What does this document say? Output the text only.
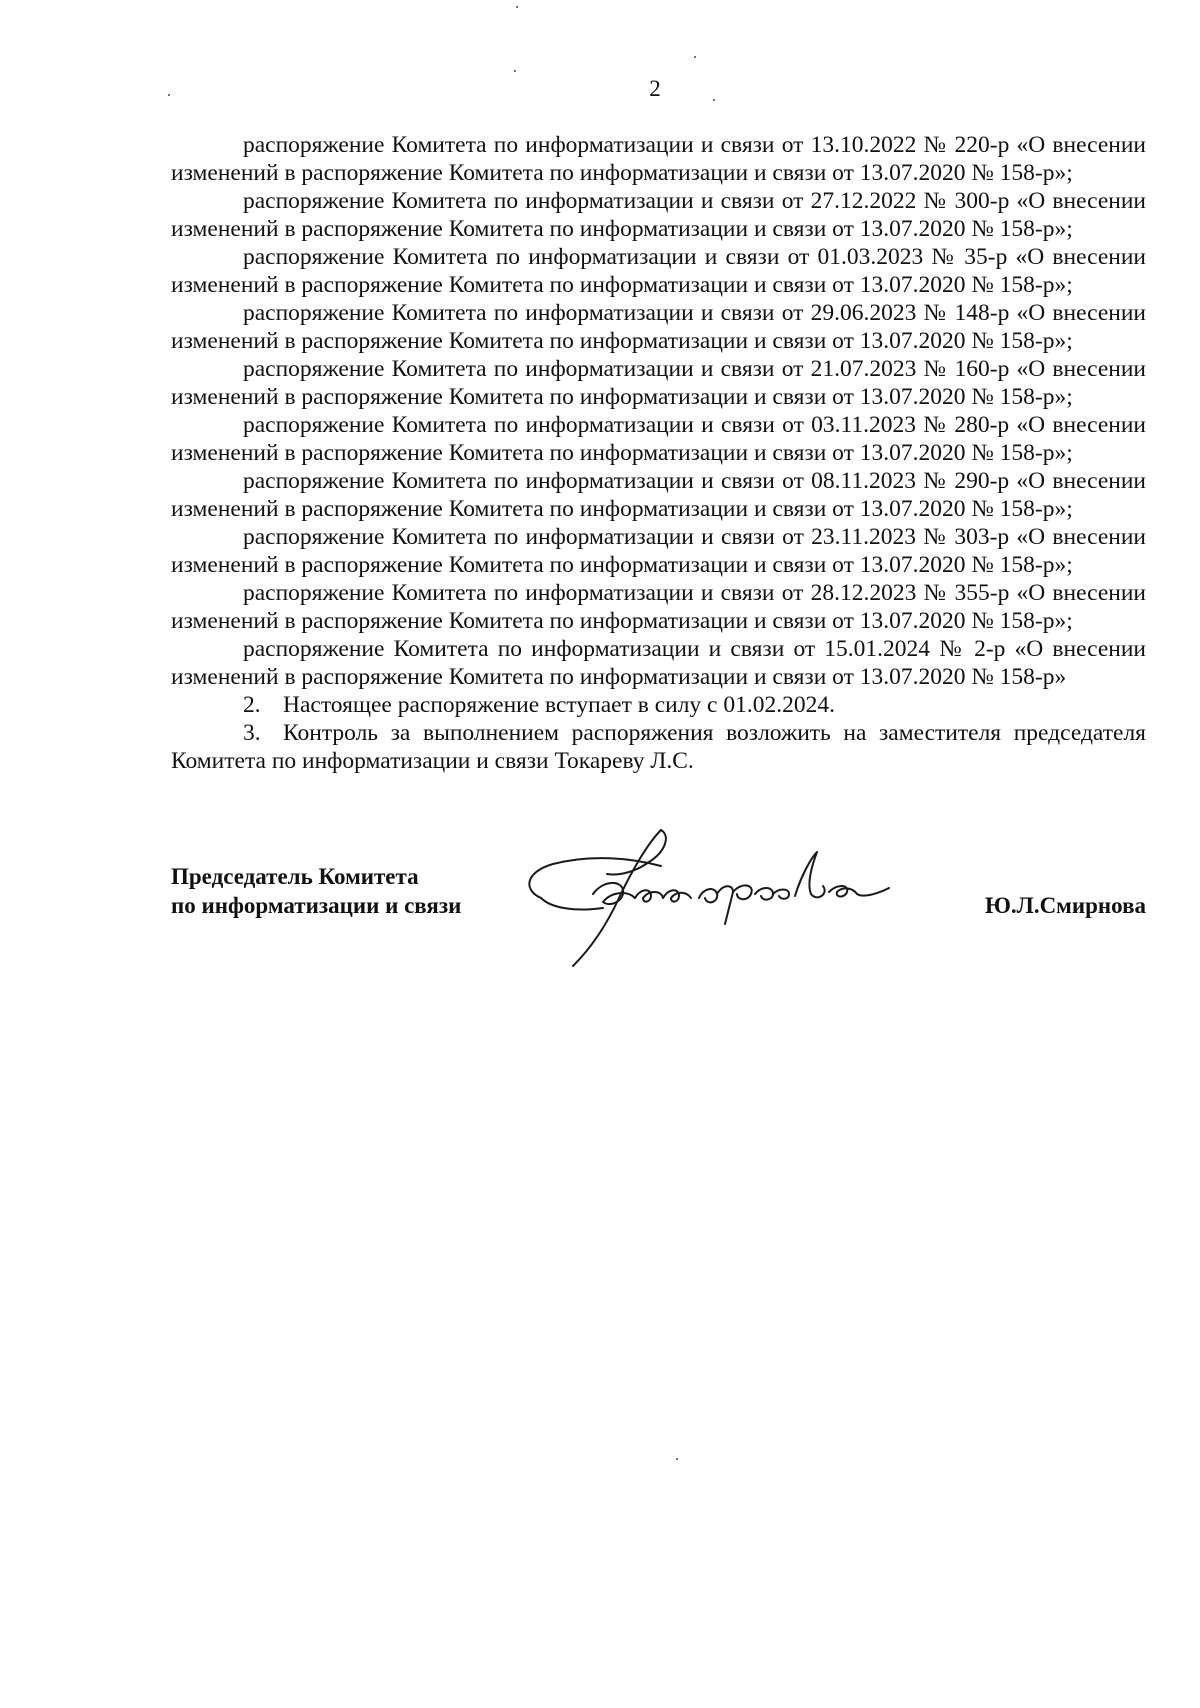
2

распоряжение Комитета по информатизации и связи от 13.10.2022 № 220-р «О внесении изменений в распоряжение Комитета по информатизации и связи от 13.07.2020 № 158-р»;

распоряжение Комитета по информатизации и связи от 27.12.2022 № 300-р «О внесении изменений в распоряжение Комитета по информатизации и связи от 13.07.2020 № 158-р»;

распоряжение Комитета по информатизации и связи от 01.03.2023 № 35-р «О внесении изменений в распоряжение Комитета по информатизации и связи от 13.07.2020 № 158-р»;

распоряжение Комитета по информатизации и связи от 29.06.2023 № 148-р «О внесении изменений в распоряжение Комитета по информатизации и связи от 13.07.2020 № 158-р»;

распоряжение Комитета по информатизации и связи от 21.07.2023 № 160-р «О внесении изменений в распоряжение Комитета по информатизации и связи от 13.07.2020 № 158-р»;

распоряжение Комитета по информатизации и связи от 03.11.2023 № 280-р «О внесении изменений в распоряжение Комитета по информатизации и связи от 13.07.2020 № 158-р»;

распоряжение Комитета по информатизации и связи от 08.11.2023 № 290-р «О внесении изменений в распоряжение Комитета по информатизации и связи от 13.07.2020 № 158-р»;

распоряжение Комитета по информатизации и связи от 23.11.2023 № 303-р «О внесении изменений в распоряжение Комитета по информатизации и связи от 13.07.2020 № 158-р»;

распоряжение Комитета по информатизации и связи от 28.12.2023 № 355-р «О внесении изменений в распоряжение Комитета по информатизации и связи от 13.07.2020 № 158-р»;

распоряжение Комитета по информатизации и связи от 15.01.2024 № 2-р «О внесении изменений в распоряжение Комитета по информатизации и связи от 13.07.2020 № 158-р»

2. Настоящее распоряжение вступает в силу с 01.02.2024.

3. Контроль за выполнением распоряжения возложить на заместителя председателя Комитета по информатизации и связи Токареву Л.С.

Председатель Комитета
по информатизации и связи	Ю.Л.Смирнова
